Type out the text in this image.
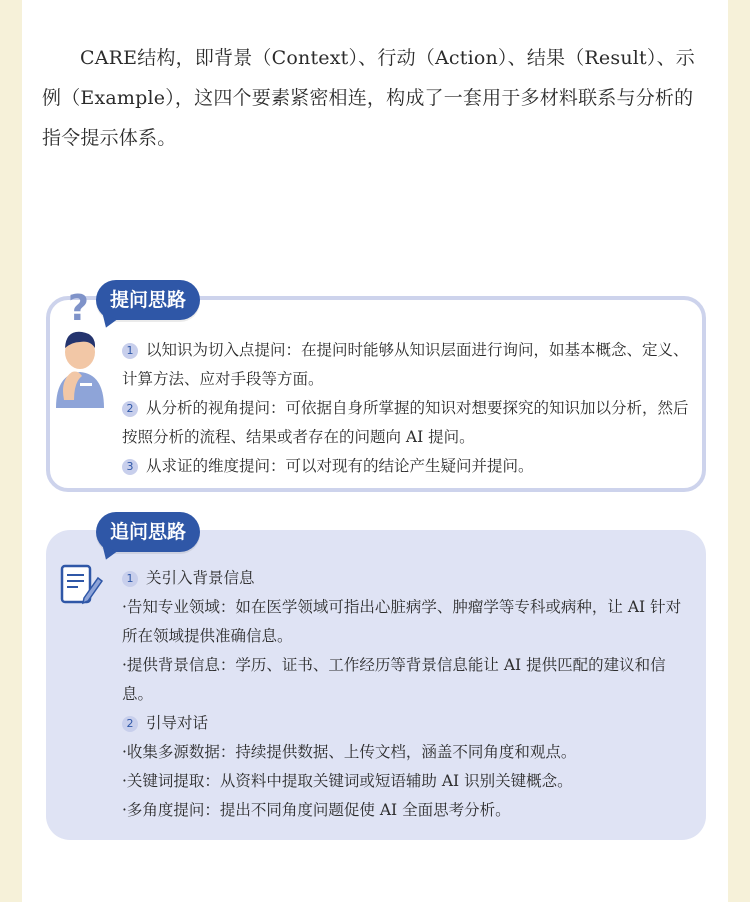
CARE结构，即背景（Context）、行动（Action）、结果（Result）、示例（Example），这四个要素紧密相连，构成了一套用于多材料联系与分析的指令提示体系。

?	提问思路
1 以知识为切入点提问：在提问时能够从知识层面进行询问，如基本概念、定义、计算方法、应对手段等方面。
2 从分析的视角提问：可依据自身所掌握的知识对想要探究的知识加以分析，然后按照分析的流程、结果或者存在的问题向 AI 提问。
3 从求证的维度提问：可以对现有的结论产生疑问并提问。
追问思路
1 关引入背景信息
·告知专业领域：如在医学领域可指出心脏病学、肿瘤学等专科或病种，让 AI 针对所在领域提供准确信息。
·提供背景信息：学历、证书、工作经历等背景信息能让 AI 提供匹配的建议和信息。
2 引导对话
·收集多源数据：持续提供数据、上传文档，涵盖不同角度和观点。
·关键词提取：从资料中提取关键词或短语辅助 AI 识别关键概念。
·多角度提问：提出不同角度问题促使 AI 全面思考分析。
